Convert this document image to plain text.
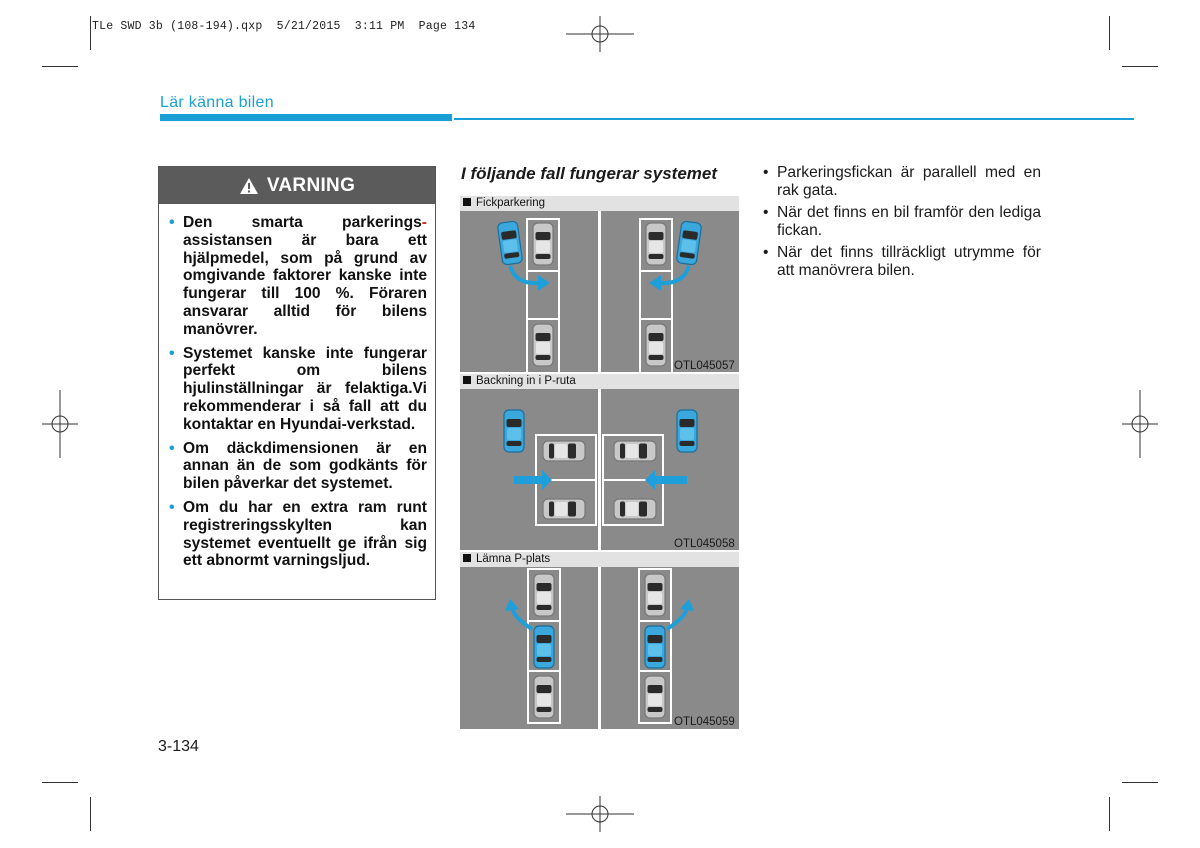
TLe SWD 3b (108-194).qxp  5/21/2015  3:11 PM  Page 134
Lär känna bilen
VARNING
• Den smarta parkerings- assistansen är bara ett hjälpmedel, som på grund av omgivande faktorer kanske inte fungerar till 100 %. Föraren ansvarar alltid för bilens manövrer.
• Systemet kanske inte fungerar perfekt om bilens hjulinställningar är felaktiga.Vi rekommenderar i så fall att du kontaktar en Hyundai-verkstad.
• Om däckdimensionen är en annan än de som godkänts för bilen påverkar det systemet.
• Om du har en extra ram runt registreringsskylten kan systemet eventuellt ge ifrån sig ett abnormt varningsljud.
I följande fall fungerar systemet
Fickparkering
OTL045057
Backning in i P-ruta
OTL045058
Lämna P-plats
OTL045059
• Parkeringsfickan är parallell med en rak gata.
• När det finns en bil framför den lediga fickan.
• När det finns tillräckligt utrymme för att manövrera bilen.
3-134
